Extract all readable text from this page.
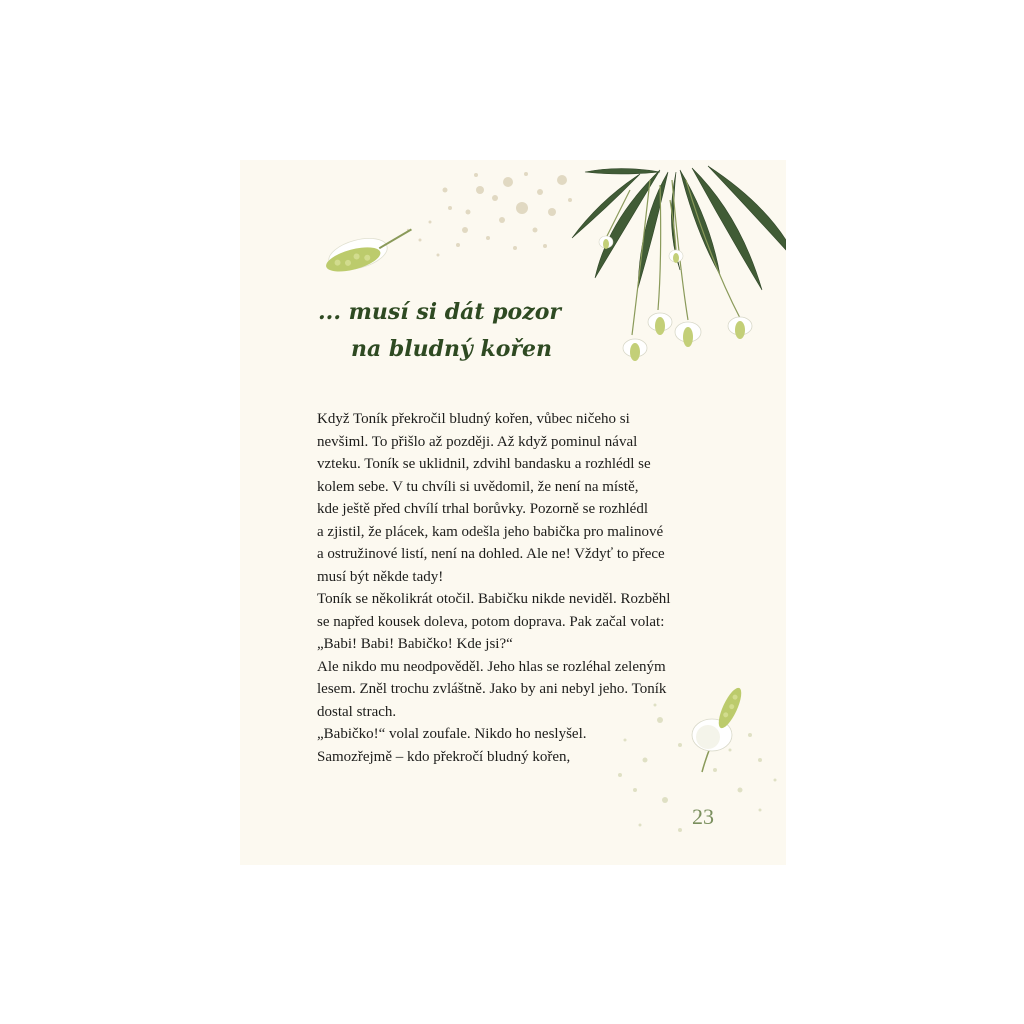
... musí si dát pozor
na bludný kořen
Když Toník překročil bludný kořen, vůbec ničeho si
nevšiml. To přišlo až později. Až když pominul nával
vzteku. Toník se uklidnil, zdvihl bandasku a rozhlédl se
kolem sebe. V tu chvíli si uvědomil, že není na místě,
kde ještě před chvílí trhal borůvky. Pozorně se rozhlédl
a zjistil, že plácek, kam odešla jeho babička pro malinové
a ostružinové listí, není na dohled. Ale ne! Vždyť to přece
musí být někde tady!
Toník se několikrát otočil. Babičku nikde neviděl. Rozběhl
se napřed kousek doleva, potom doprava. Pak začal volat:
„Babi! Babi! Babičko! Kde jsi?“
Ale nikdo mu neodpověděl. Jeho hlas se rozléhal zeleným
lesem. Zněl trochu zvláštně. Jako by ani nebyl jeho. Toník
dostal strach.
„Babičko!“ volal zoufale. Nikdo ho neslyšel.
Samozřejmě – kdo překročí bludný kořen,
23
